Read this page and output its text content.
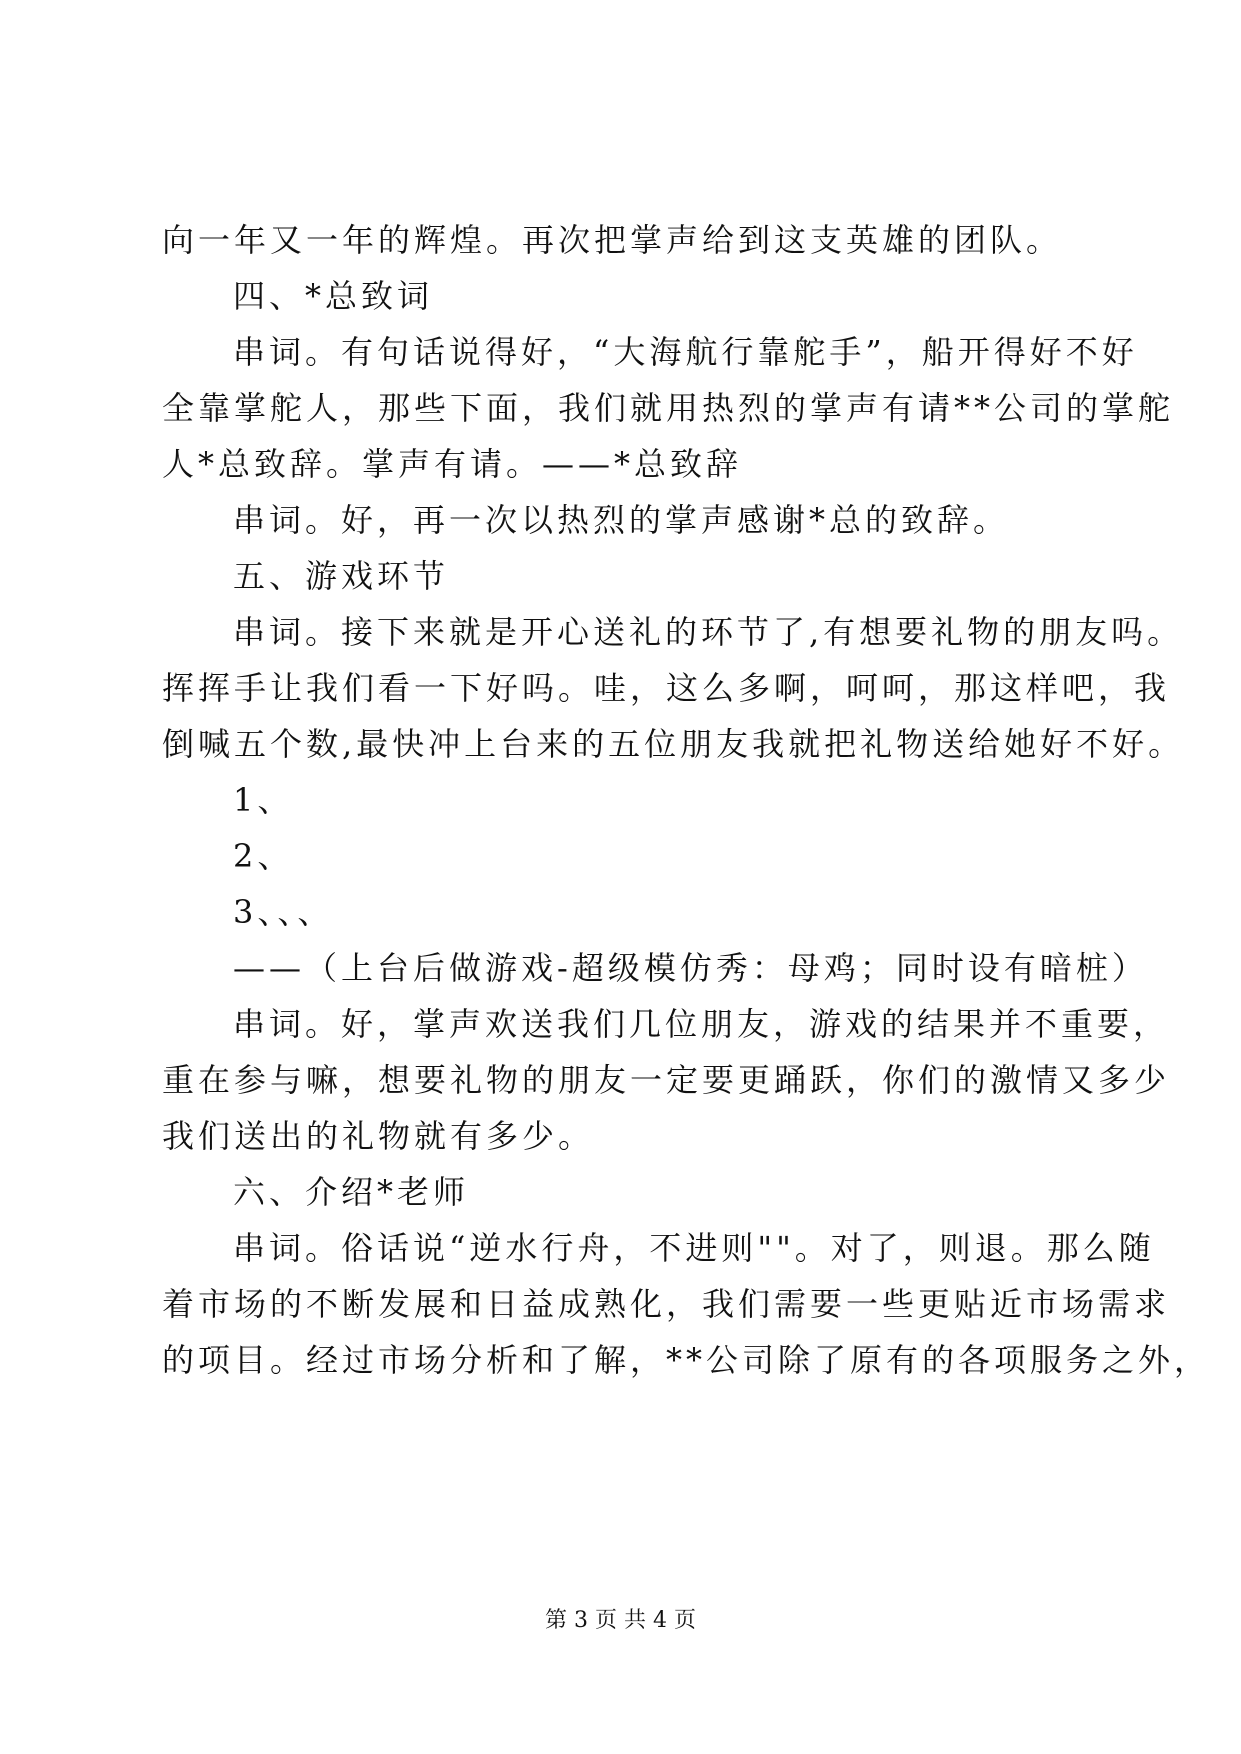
向一年又一年的辉煌。再次把掌声给到这支英雄的团队。
四、*总致词
串词。有句话说得好，“大海航行靠舵手”，船开得好不好
全靠掌舵人，那些下面，我们就用热烈的掌声有请**公司的掌舵
人*总致辞。掌声有请。——*总致辞
串词。好，再一次以热烈的掌声感谢*总的致辞。
五、游戏环节
串词。接下来就是开心送礼的环节了,有想要礼物的朋友吗。
挥挥手让我们看一下好吗。哇，这么多啊，呵呵，那这样吧，我
倒喊五个数,最快冲上台来的五位朋友我就把礼物送给她好不好。
1、
2、
3、、、
——（上台后做游戏-超级模仿秀：母鸡；同时设有暗桩）
串词。好，掌声欢送我们几位朋友，游戏的结果并不重要，
重在参与嘛，想要礼物的朋友一定要更踊跃，你们的激情又多少
我们送出的礼物就有多少。
六、介绍*老师
串词。俗话说“逆水行舟，不进则""。对了，则退。那么随
着市场的不断发展和日益成熟化，我们需要一些更贴近市场需求
的项目。经过市场分析和了解，**公司除了原有的各项服务之外，
第 3 页 共 4 页
